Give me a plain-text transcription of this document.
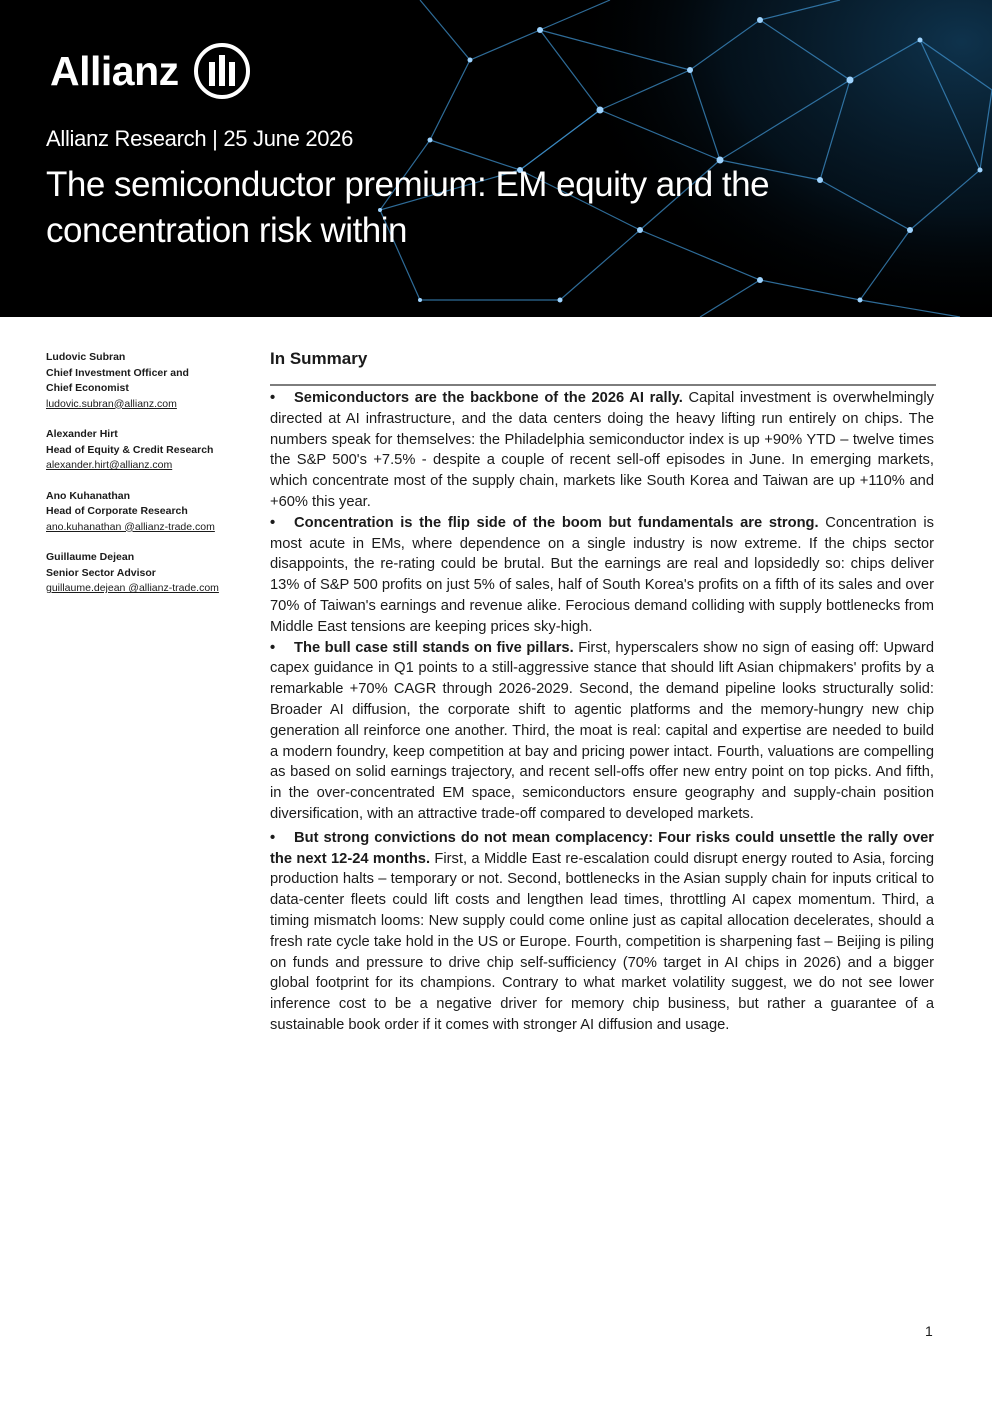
Allianz
Allianz Research | 25 June 2026
The semiconductor premium: EM equity and the concentration risk within
Ludovic Subran
Chief Investment Officer and
Chief Economist
ludovic.subran@allianz.com
Alexander Hirt
Head of Equity & Credit Research
alexander.hirt@allianz.com
Ano Kuhanathan
Head of Corporate Research
ano.kuhanathan @allianz-trade.com
Guillaume Dejean
Senior Sector Advisor
guillaume.dejean @allianz-trade.com
In Summary

• Semiconductors are the backbone of the 2026 AI rally. Capital investment is overwhelmingly directed at AI infrastructure, and the data centers doing the heavy lifting run entirely on chips. The numbers speak for themselves: the Philadelphia semiconductor index is up +90% YTD – twelve times the S&P 500's +7.5% - despite a couple of recent sell-off episodes in June. In emerging markets, which concentrate most of the supply chain, markets like South Korea and Taiwan are up +110% and +60% this year.

• Concentration is the flip side of the boom but fundamentals are strong. Concentration is most acute in EMs, where dependence on a single industry is now extreme. If the chips sector disappoints, the re-rating could be brutal. But the earnings are real and lopsidedly so: chips deliver 13% of S&P 500 profits on just 5% of sales, half of South Korea's profits on a fifth of its sales and over 70% of Taiwan's earnings and revenue alike. Ferocious demand colliding with supply bottlenecks from Middle East tensions are keeping prices sky-high.

• The bull case still stands on five pillars. First, hyperscalers show no sign of easing off: Upward capex guidance in Q1 points to a still-aggressive stance that should lift Asian chipmakers' profits by a remarkable +70% CAGR through 2026-2029. Second, the demand pipeline looks structurally solid: Broader AI diffusion, the corporate shift to agentic platforms and the memory-hungry new chip generation all reinforce one another. Third, the moat is real: capital and expertise are needed to build a modern foundry, keep competition at bay and pricing power intact. Fourth, valuations are compelling as based on solid earnings trajectory, and recent sell-offs offer new entry point on top picks. And fifth, in the over-concentrated EM space, semiconductors ensure geography and supply-chain position diversification, with an attractive trade-off compared to developed markets.

• But strong convictions do not mean complacency: Four risks could unsettle the rally over the next 12-24 months. First, a Middle East re-escalation could disrupt energy routed to Asia, forcing production halts – temporary or not. Second, bottlenecks in the Asian supply chain for inputs critical to data-center fleets could lift costs and lengthen lead times, throttling AI capex momentum. Third, a timing mismatch looms: New supply could come online just as capital allocation decelerates, should a fresh rate cycle take hold in the US or Europe. Fourth, competition is sharpening fast – Beijing is piling on funds and pressure to drive chip self-sufficiency (70% target in AI chips in 2026) and a bigger global footprint for its champions. Contrary to what market volatility suggest, we do not see lower inference cost to be a negative driver for memory chip business, but rather a guarantee of a sustainable book order if it comes with stronger AI diffusion and usage.

1
